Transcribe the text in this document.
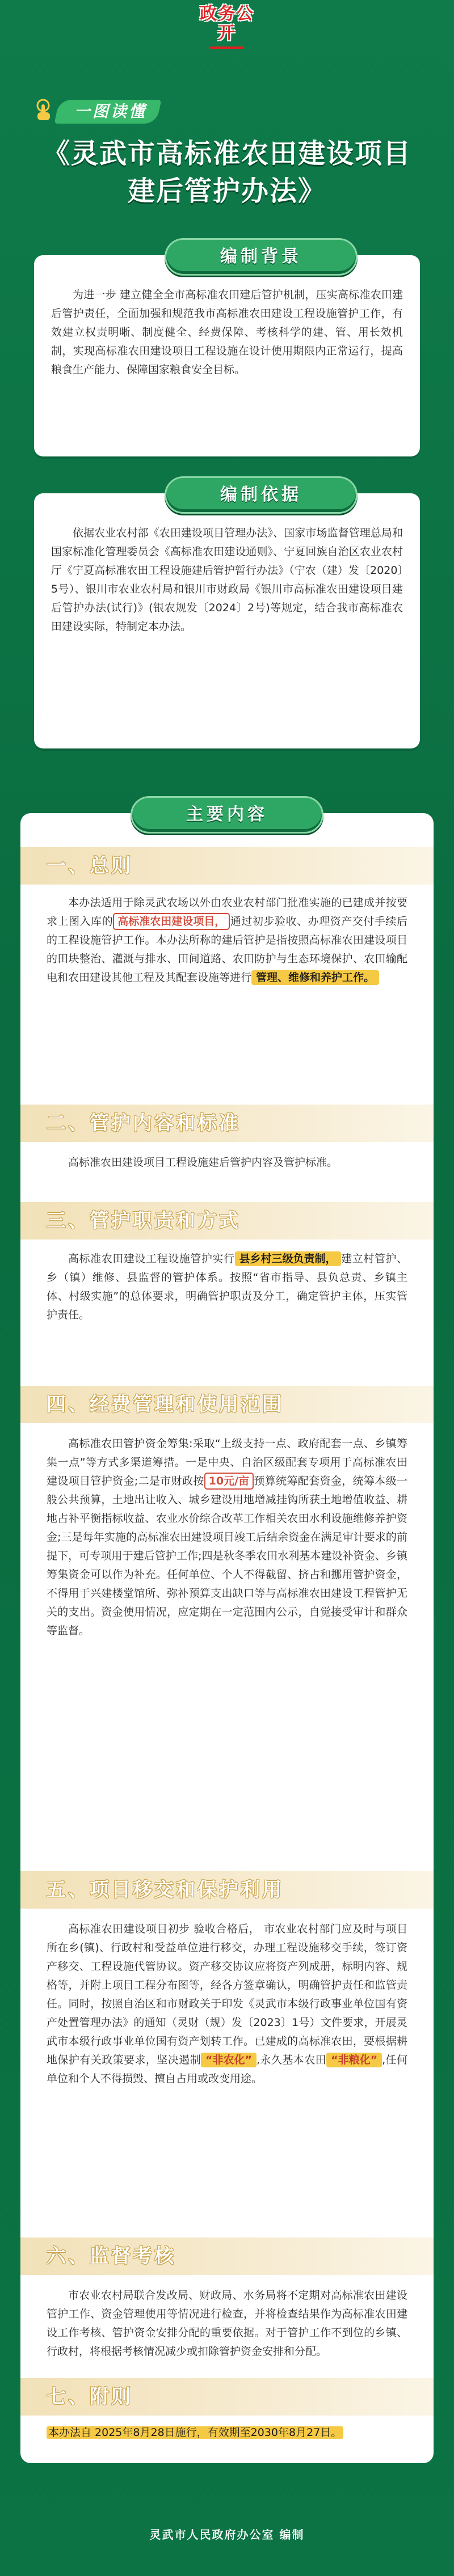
政务公开
一图读懂
《灵武市高标准农田建设项目
建后管护办法》
编制背景
为进一步 建立健全全市高标准农田建后管护机制，压实高标准农田建后管护责任，全面加强和规范我市高标准农田建设工程设施管护工作，有效建立权责明晰、制度健全、经费保障、考核科学的建、管、用长效机制，实现高标准农田建设项目工程设施在设计使用期限内正常运行，提高粮食生产能力、保障国家粮食安全目标。
编制依据
依据农业农村部《农田建设项目管理办法》、国家市场监督管理总局和国家标准化管理委员会《高标准农田建设通则》、宁夏回族自治区农业农村厅《宁夏高标准农田工程设施建后管护暂行办法》（宁农（建）发〔2020〕5号）、银川市农业农村局和银川市财政局《银川市高标准农田建设项目建后管护办法(试行)》(银农规发〔2024〕2号)等规定，结合我市高标准农田建设实际，特制定本办法。
主要内容
一、总则
本办法适用于除灵武农场以外由农业农村部门批准实施的已建成并按要求上图入库的 高标准农田建设项目， 通过初步验收、办理资产交付手续后的工程设施管护工作。本办法所称的建后管护是指按照高标准农田建设项目的田块整治、灌溉与排水、田间道路、农田防护与生态环境保护、农田输配电和农田建设其他工程及其配套设施等进行 管理、维修和养护工作。
二、管护内容和标准
高标准农田建设项目工程设施建后管护内容及管护标准。
三、管护职责和方式
高标准农田建设工程设施管护实行 县乡村三级负责制， 建立村管护、乡（镇）维修、县监督的管护体系。按照“省市指导、县负总责、乡镇主体、村级实施”的总体要求，明确管护职责及分工，确定管护主体，压实管护责任。
四、经费管理和使用范围
高标准农田管护资金筹集:采取“上级支持一点、政府配套一点、乡镇筹集一点”等方式多渠道筹措。一是中央、自治区级配套专项用于高标准农田建设项目管护资金;二是市财政按 10元/亩 预算统筹配套资金，统筹本级一般公共预算，土地出让收入、城乡建设用地增减挂钩所获土地增值收益、耕地占补平衡指标收益、农业水价综合改革工作相关农田水利设施维修养护资金;三是每年实施的高标准农田建设项目竣工后结余资金在满足审计要求的前提下，可专项用于建后管护工作;四是秋冬季农田水利基本建设补资金、乡镇筹集资金可以作为补充。任何单位、个人不得截留、挤占和挪用管护资金，不得用于兴建楼堂馆所、弥补预算支出缺口等与高标准农田建设工程管护无关的支出。资金使用情况，应定期在一定范围内公示，自觉接受审计和群众等监督。
五、项目移交和保护利用
高标准农田建设项目初步 验收合格后， 市农业农村部门应及时与项目所在乡(镇)、行政村和受益单位进行移交，办理工程设施移交手续，签订资产移交、工程设施代管协议。资产移交协议应将资产列成册，标明内容、规格等，并附上项目工程分布图等，经各方签章确认，明确管护责任和监管责任。同时，按照自治区和市财政关于印发《灵武市本级行政事业单位国有资产处置管理办法》的通知（灵财（规）发〔2023〕1号）文件要求，开展灵武市本级行政事业单位国有资产划转工作。已建成的高标准农田，要根据耕地保护有关政策要求，坚决遏制 “非农化” ,永久基本农田 “非粮化” ,任何单位和个人不得损毁、擅自占用或改变用途。
六、监督考核
市农业农村局联合发改局、财政局、水务局将不定期对高标准农田建设管护工作、资金管理使用等情况进行检查，并将检查结果作为高标准农田建设工作考核、管护资金安排分配的重要依据。对于管护工作不到位的乡镇、行政村，将根据考核情况减少或扣除管护资金安排和分配。
七、附则
本办法自 2025年8月28日施行，有效期至2030年8月27日。
灵武市人民政府办公室 编制
